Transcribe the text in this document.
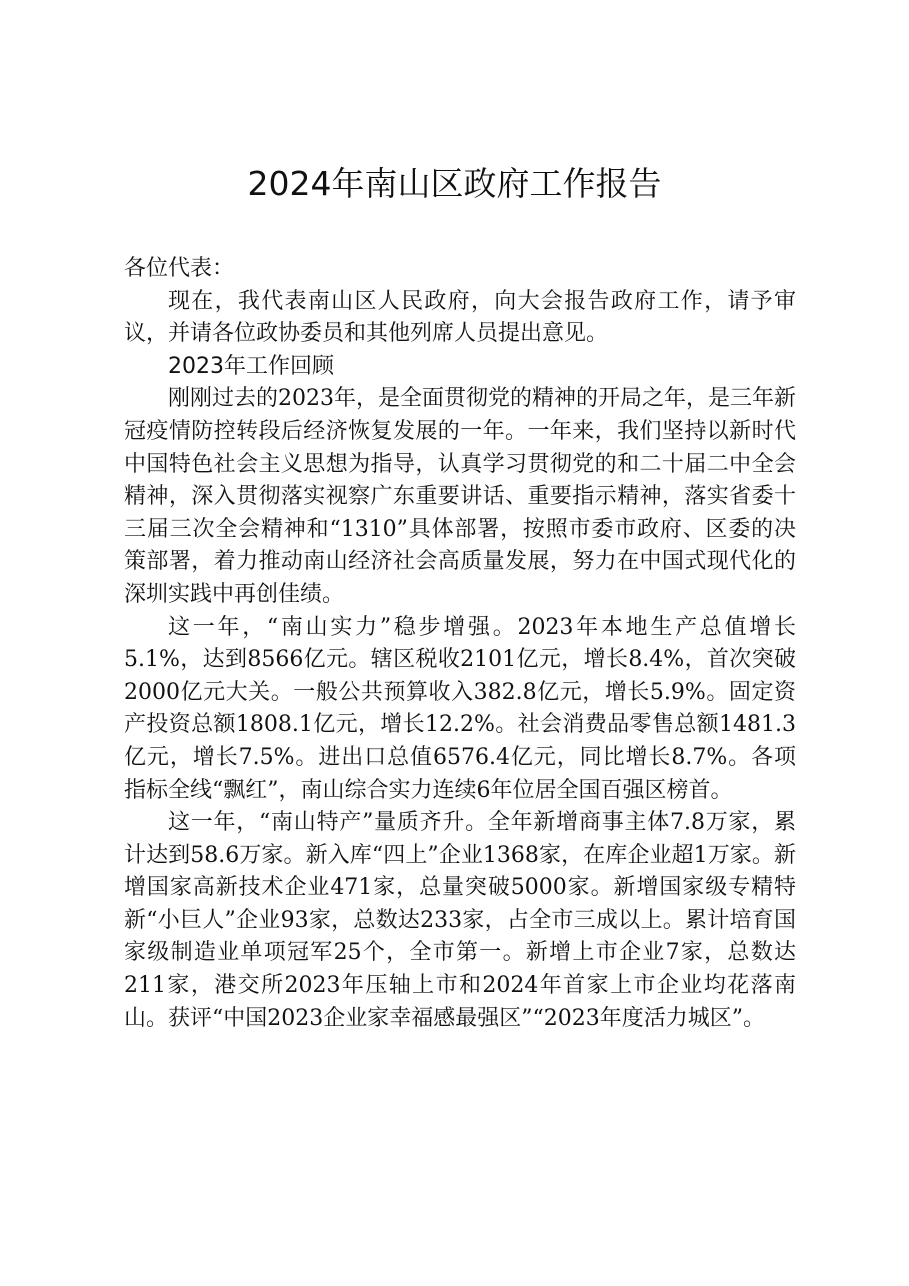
2024年南山区政府工作报告

各位代表：

现在，我代表南山区人民政府，向大会报告政府工作，请予审议，并请各位政协委员和其他列席人员提出意见。

2023年工作回顾

刚刚过去的2023年，是全面贯彻党的精神的开局之年，是三年新冠疫情防控转段后经济恢复发展的一年。一年来，我们坚持以新时代中国特色社会主义思想为指导，认真学习贯彻党的和二十届二中全会精神，深入贯彻落实视察广东重要讲话、重要指示精神，落实省委十三届三次全会精神和“1310”具体部署，按照市委市政府、区委的决策部署，着力推动南山经济社会高质量发展，努力在中国式现代化的深圳实践中再创佳绩。

这一年，“南山实力”稳步增强。2023年本地生产总值增长5.1%，达到8566亿元。辖区税收2101亿元，增长8.4%，首次突破2000亿元大关。一般公共预算收入382.8亿元，增长5.9%。固定资产投资总额1808.1亿元，增长12.2%。社会消费品零售总额1481.3亿元，增长7.5%。进出口总值6576.4亿元，同比增长8.7%。各项指标全线“飘红”，南山综合实力连续6年位居全国百强区榜首。

这一年，“南山特产”量质齐升。全年新增商事主体7.8万家，累计达到58.6万家。新入库“四上”企业1368家，在库企业超1万家。新增国家高新技术企业471家，总量突破5000家。新增国家级专精特新“小巨人”企业93家，总数达233家，占全市三成以上。累计培育国家级制造业单项冠军25个，全市第一。新增上市企业7家，总数达211家，港交所2023年压轴上市和2024年首家上市企业均花落南山。获评“中国2023企业家幸福感最强区”“2023年度活力城区”。
